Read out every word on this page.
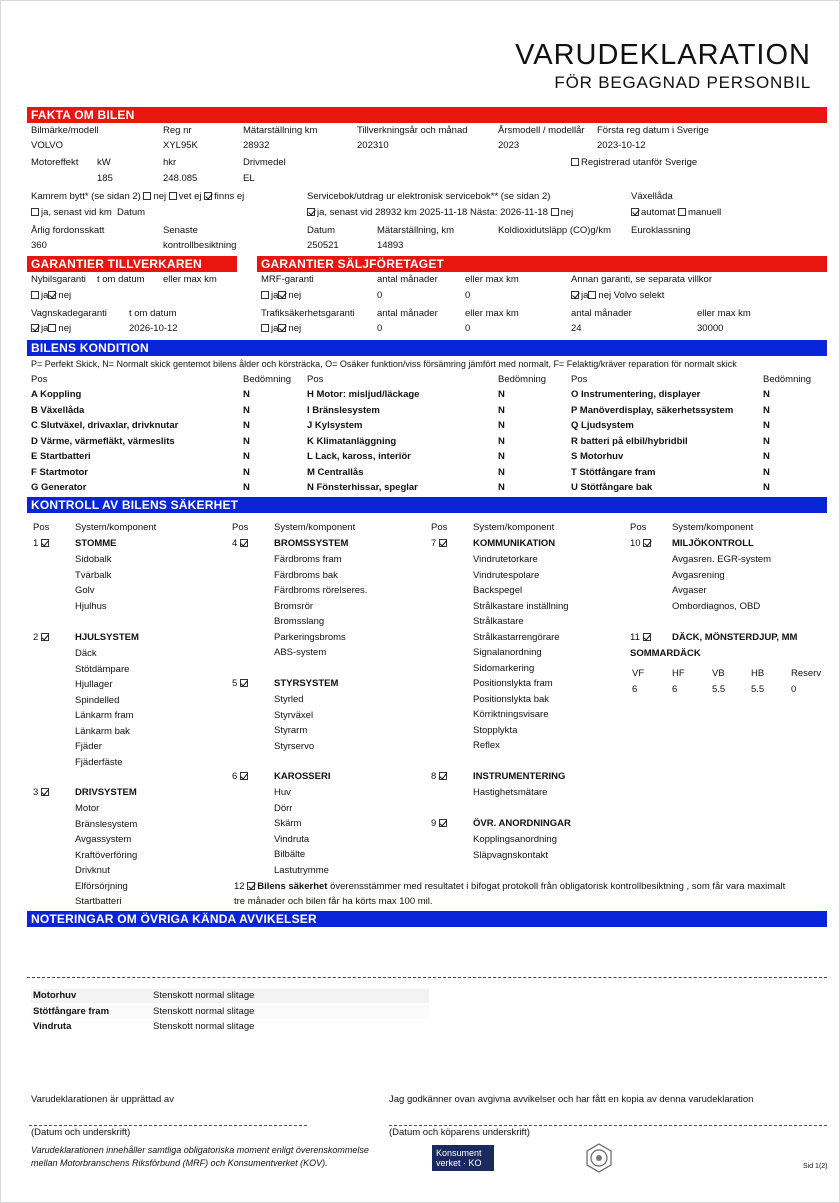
VARUDEKLARATION
FÖR BEGAGNAD PERSONBIL
FAKTA OM BILEN
Bilmärke/modell
VOLVO
Reg nr
XYL95K
Mätarställning km
28932
Tillverkningsår och månad
202310
Årsmodell / modellår
2023
Första reg datum i Sverige
2023-10-12
Motoreffekt kW
185
hkr
248.085
Drivmedel
EL
Registrerad utanför Sverige
Kamrem bytt* (se sidan 2) nej vet ej finns ej
ja, senast vid km Datum
Servicebok/utdrag ur elektronisk servicebok** (se sidan 2)
ja, senast vid 28932 km 2025-11-18 Nästa: 2026-11-18 nej
Växellåda
automat manuell
Årlig fordonsskatt
360
Senaste
kontrollbesiktning
Datum
250521
Mätarställning, km
14893
Koldioxidutsläpp (CO)g/km Euroklassning
GARANTIER TILLVERKAREN	GARANTIER SÄLJFÖRETAGET
Nybilsgaranti t om datum eller max km
ja nej
Vagnskadegaranti t om datum
ja nej	2026-10-12
MRF-garanti	antal månader	eller max km	Annan garanti, se separata villkor
ja nej	0	0	ja nej Volvo selekt
Trafiksäkerhetsgaranti antal månader	eller max km	antal månader	eller max km
ja nej	0	0	24	30000
BILENS KONDITION
P= Perfekt Skick, N= Normalt skick gentemot bilens ålder och körsträcka, O= Osäker funktion/viss försämring jämfört med normalt, F= Felaktig/kräver reparation för normalt skick
Pos	Bedömning Pos	Bedömning	Pos	Bedömning
A Koppling	N
B Växellåda	N
C Slutväxel, drivaxlar, drivknutar	N
D Värme, värmefläkt, värmeslits	N
E Startbatteri	N
F Startmotor	N
G Generator	N
H Motor: misljud/läckage	N
I Bränslesystem	N
J Kylsystem	N
K Klimatanläggning	N
L Lack, kaross, interiör	N
M Centrallås	N
N Fönsterhissar, speglar	N
O Instrumentering, displayer	N
P Manöverdisplay, säkerhetssystem	N
Q Ljudsystem	N
R batteri på elbil/hybridbil	N
S Motorhuv	N
T Stötfångare fram	N
U Stötfångare bak	N
KONTROLL AV BILENS SÄKERHET
Pos	System/komponent	Pos	System/komponent	Pos	System/komponent	Pos	System/komponent
1	STOMME
Sidobalk
Tvärbalk
Golv
Hjulhus
2	HJULSYSTEM
Däck
Stötdämpare
Hjullager
Spindelled
Länkarm fram
Länkarm bak
Fjäder
Fjäderfäste
3	DRIVSYSTEM
Motor
Bränslesystem
Avgassystem
Kraftöverföring
Drivknut
Elförsörjning
Startbatteri
4	BROMSSYSTEM
Färdbroms fram
Färdbroms bak
Färdbroms rörelseres.
Bromsrör
Bromsslang
Parkeringsbroms
ABS-system
5	STYRSYSTEM
Styrled
Styrväxel
Styrarm
Styrservo
6	KAROSSERI
Huv
Dörr
Skärm
Vindruta
Bilbälte
Lastutrymme
7	KOMMUNIKATION
Vindrutetorkare
Vindrutespolare
Backspegel
Strålkastare inställning
Strålkastare
Strålkastarrengörare
Signalanordning
Sidomarkering
Positionslykta fram
Positionslykta bak
Körriktningsvisare
Stopplykta
Reflex
8	INSTRUMENTERING
Hastighetsmätare
9	ÖVR. ANORDNINGAR
Kopplingsanordning
Släpvagnskontakt
10	MILJÖKONTROLL
Avgasren. EGR-system
Avgasrening
Avgaser
Ombordiagnos, OBD
11	DÄCK, MÖNSTERDJUP, MM
SOMMARDÄCK
VF
6
HF
6
VB
5.5
HB
5.5
Reserv
0
12 Bilens säkerhet överensstämmer med resultatet i bifogat protokoll från obligatorisk kontrollbesiktning , som får vara maximalt
tre månader och bilen får ha körts max 100 mil.
NOTERINGAR OM ÖVRIGA KÄNDA AVVIKELSER
Motorhuv	Stenskott normal slitage
Stötfångare fram	Stenskott normal slitage
Vindruta	Stenskott normal slitage
Varudeklarationen är upprättad av	Jag godkänner ovan avgivna avvikelser och har fått en kopia av denna varudeklaration
(Datum och underskrift)	(Datum och köparens underskrift)
Varudeklarationen innehåller samtliga obligatoriska moment enligt överenskommelse
mellan Motorbranschens Riksförbund (MRF) och Konsumentverket (KOV).
Konsument
verket · KO	Sid 1(2)
